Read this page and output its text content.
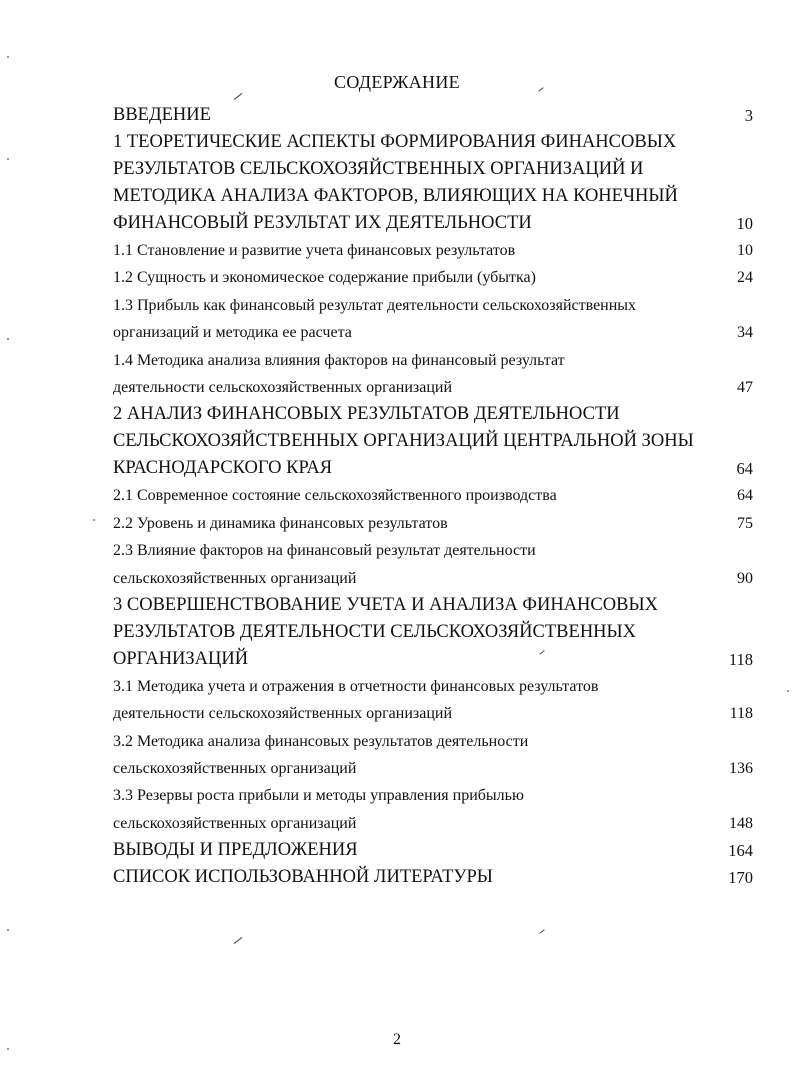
СОДЕРЖАНИЕ
ВВЕДЕНИЕ	3
1 ТЕОРЕТИЧЕСКИЕ АСПЕКТЫ ФОРМИРОВАНИЯ ФИНАНСОВЫХ
РЕЗУЛЬТАТОВ СЕЛЬСКОХОЗЯЙСТВЕННЫХ ОРГАНИЗАЦИЙ И
МЕТОДИКА АНАЛИЗА ФАКТОРОВ, ВЛИЯЮЩИХ НА КОНЕЧНЫЙ
ФИНАНСОВЫЙ РЕЗУЛЬТАТ ИХ ДЕЯТЕЛЬНОСТИ	10
1.1 Становление и развитие учета финансовых результатов	10
1.2 Сущность и экономическое содержание прибыли (убытка)	24
1.3 Прибыль как финансовый результат деятельности сельскохозяйственных
организаций и методика ее расчета	34
1.4 Методика анализа влияния факторов на финансовый результат
деятельности сельскохозяйственных организаций	47
2 АНАЛИЗ ФИНАНСОВЫХ РЕЗУЛЬТАТОВ ДЕЯТЕЛЬНОСТИ
СЕЛЬСКОХОЗЯЙСТВЕННЫХ ОРГАНИЗАЦИЙ ЦЕНТРАЛЬНОЙ ЗОНЫ
КРАСНОДАРСКОГО КРАЯ	64
2.1 Современное состояние сельскохозяйственного производства	64
2.2 Уровень и динамика финансовых результатов	75
2.3 Влияние факторов на финансовый результат деятельности
сельскохозяйственных организаций	90
3 СОВЕРШЕНСТВОВАНИЕ УЧЕТА И АНАЛИЗА ФИНАНСОВЫХ
РЕЗУЛЬТАТОВ ДЕЯТЕЛЬНОСТИ СЕЛЬСКОХОЗЯЙСТВЕННЫХ
ОРГАНИЗАЦИЙ	118
3.1 Методика учета и отражения в отчетности финансовых результатов
деятельности сельскохозяйственных организаций	118
3.2 Методика анализа финансовых результатов деятельности
сельскохозяйственных организаций	136
3.3 Резервы роста прибыли и методы управления прибылью
сельскохозяйственных организаций	148
ВЫВОДЫ И ПРЕДЛОЖЕНИЯ	164
СПИСОК ИСПОЛЬЗОВАННОЙ ЛИТЕРАТУРЫ	170
2
